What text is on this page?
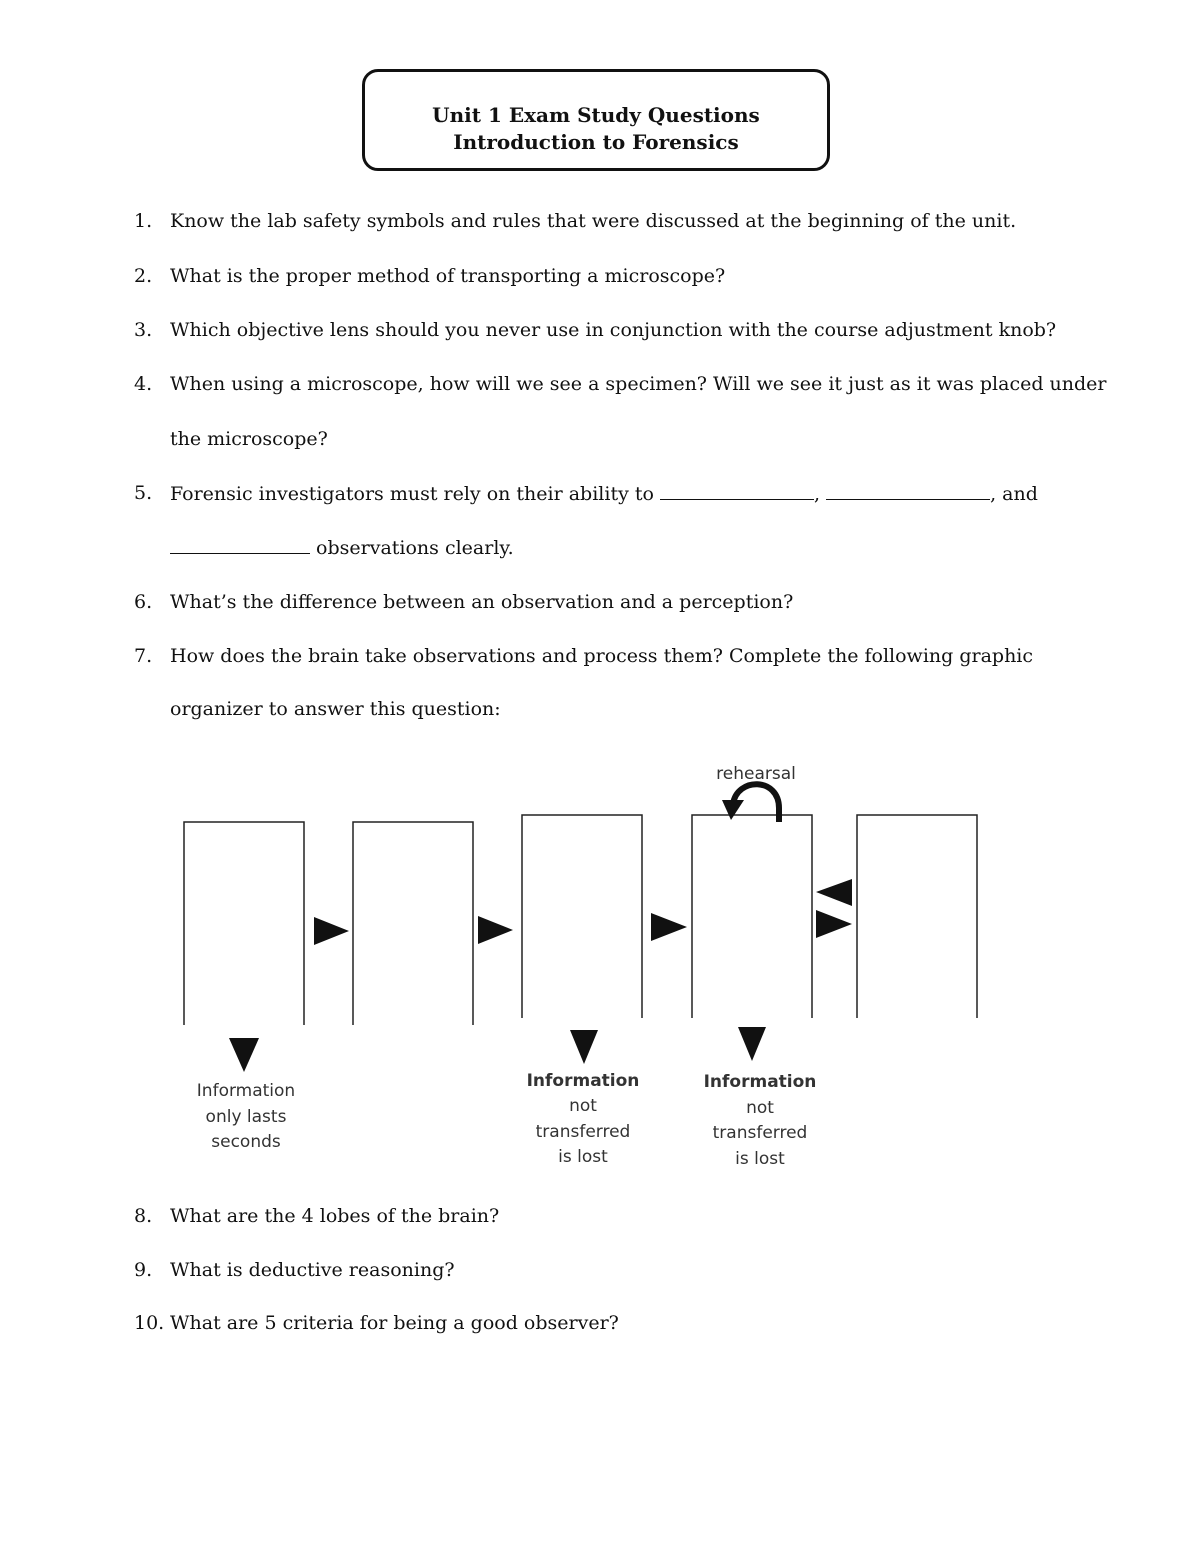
Unit 1 Exam Study Questions
Introduction to Forensics
1. Know the lab safety symbols and rules that were discussed at the beginning of the unit.
2. What is the proper method of transporting a microscope?
3. Which objective lens should you never use in conjunction with the course adjustment knob?
4. When using a microscope, how will we see a specimen? Will we see it just as it was placed under
the microscope?
5. Forensic investigators must rely on their ability to	,	, and
observations clearly.
6. What’s the difference between an observation and a perception?
7. How does the brain take observations and process them? Complete the following graphic
organizer to answer this question:
rehearsal
Information
only lasts
seconds
Information
not
transferred
is lost
Information
not
transferred
is lost
8. What are the 4 lobes of the brain?
9. What is deductive reasoning?
10. What are 5 criteria for being a good observer?
